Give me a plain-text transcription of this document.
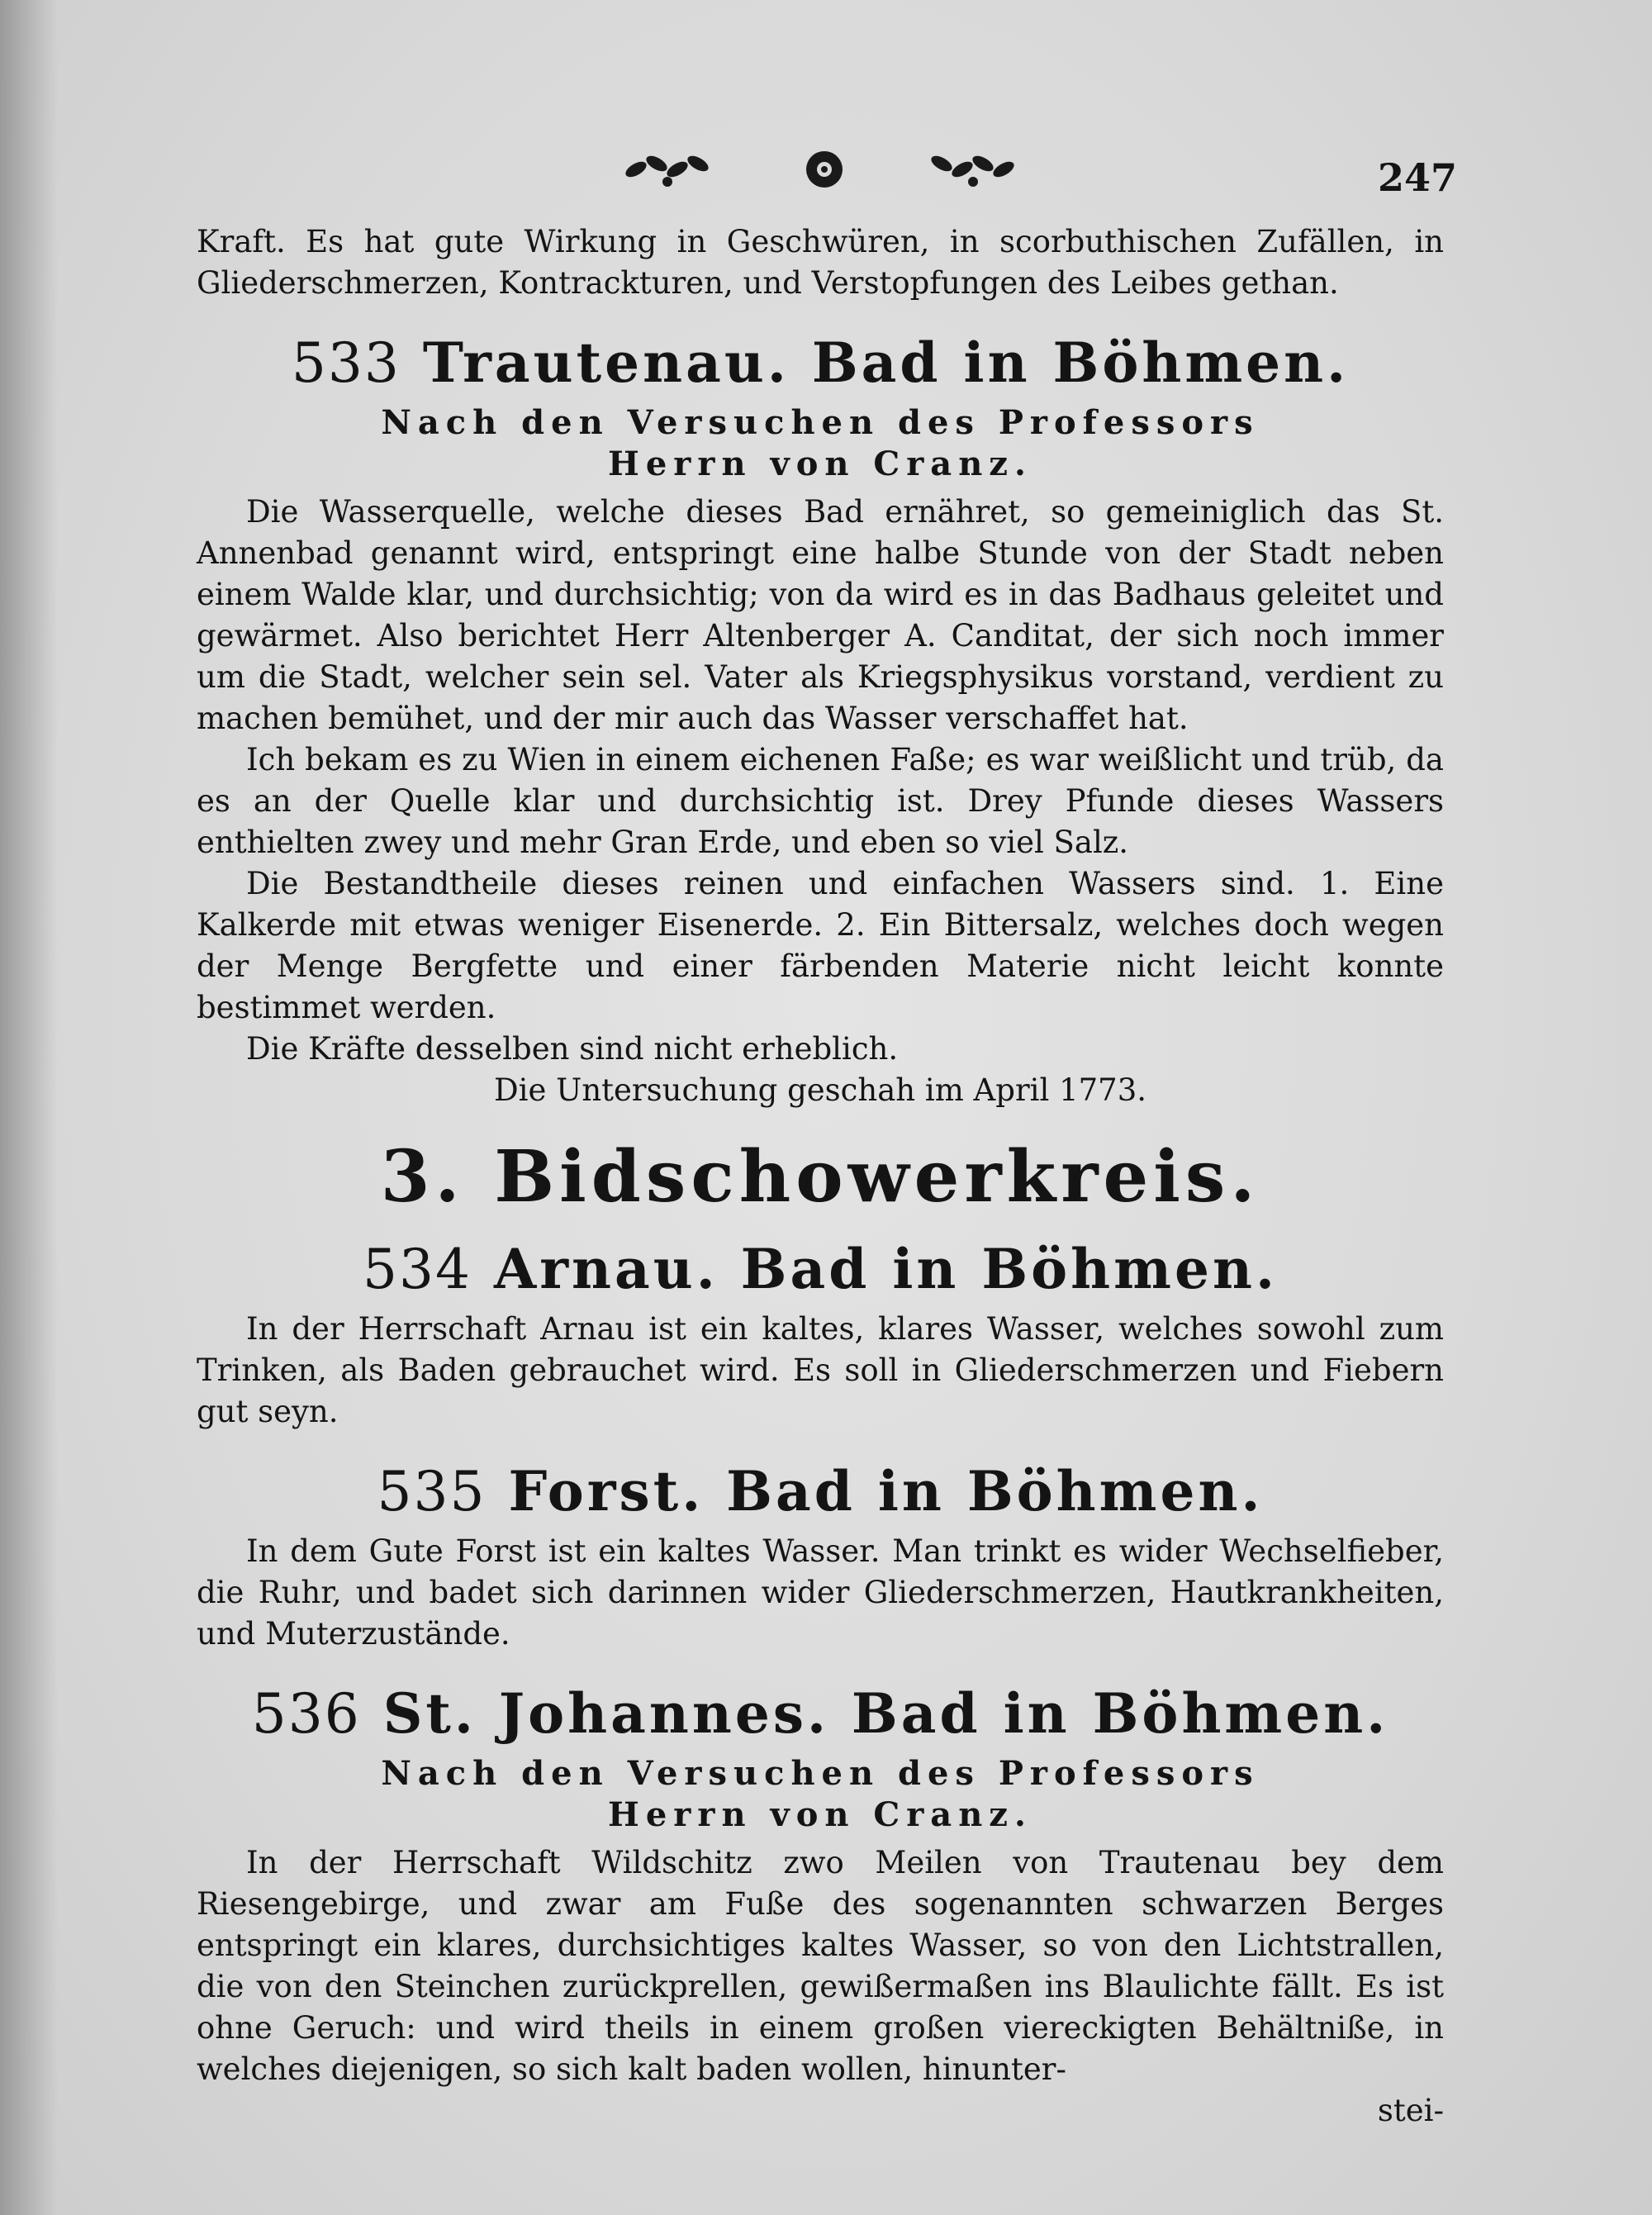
247

Kraft. Es hat gute Wirkung in Geschwüren, in scorbuthischen Zufällen, in Gliederschmerzen, Kontrackturen, und Verstopfungen des Leibes gethan.

533 Trautenau. Bad in Böhmen.

Nach den Versuchen des Professors

Herrn von Cranz.

Die Wasserquelle, welche dieses Bad ernähret, so gemeiniglich das St. Annenbad genannt wird, entspringt eine halbe Stunde von der Stadt neben einem Walde klar, und durchsichtig; von da wird es in das Badhaus geleitet und gewärmet. Also berichtet Herr Altenberger A. Canditat, der sich noch immer um die Stadt, welcher sein sel. Vater als Kriegsphysikus vorstand, verdient zu machen bemühet, und der mir auch das Wasser verschaffet hat.

Ich bekam es zu Wien in einem eichenen Faße; es war weißlicht und trüb, da es an der Quelle klar und durchsichtig ist. Drey Pfunde dieses Wassers enthielten zwey und mehr Gran Erde, und eben so viel Salz.

Die Bestandtheile dieses reinen und einfachen Wassers sind. 1. Eine Kalkerde mit etwas weniger Eisenerde. 2. Ein Bittersalz, welches doch wegen der Menge Bergfette und einer färbenden Materie nicht leicht konnte bestimmet werden.

Die Kräfte desselben sind nicht erheblich.

Die Untersuchung geschah im April 1773.

3. Bidschowerkreis.
534 Arnau. Bad in Böhmen.

In der Herrschaft Arnau ist ein kaltes, klares Wasser, welches sowohl zum Trinken, als Baden gebrauchet wird. Es soll in Gliederschmerzen und Fiebern gut seyn.

535 Forst. Bad in Böhmen.

In dem Gute Forst ist ein kaltes Wasser. Man trinkt es wider Wechselfieber, die Ruhr, und badet sich darinnen wider Gliederschmerzen, Hautkrankheiten, und Muterzustände.

536 St. Johannes. Bad in Böhmen.

Nach den Versuchen des Professors

Herrn von Cranz.

In der Herrschaft Wildschitz zwo Meilen von Trautenau bey dem Riesengebirge, und zwar am Fuße des sogenannten schwarzen Berges entspringt ein klares, durchsichtiges kaltes Wasser, so von den Lichtstrallen, die von den Steinchen zurückprellen, gewißermaßen ins Blaulichte fällt. Es ist ohne Geruch: und wird theils in einem großen viereckigten Behältniße, in welches diejenigen, so sich kalt baden wollen, hinunter-

stei-
